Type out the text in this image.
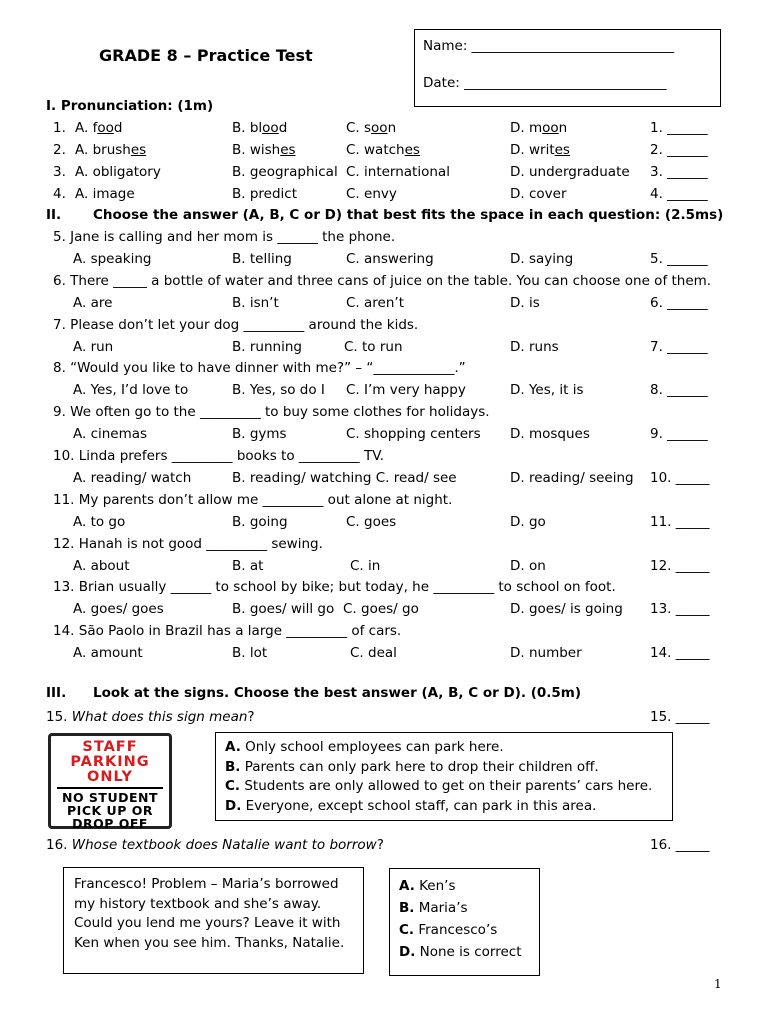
GRADE 8 – Practice Test	Name: ______________________________
Date: ______________________________
I. Pronunciation: (1m)
1. A. food	B. blood	C. soon	D. moon	1. ______
2. A. brushes	B. wishes	C. watches	D. writes	2. ______
3. A. obligatory	B. geographical C. international	D. undergraduate 3. ______
4. A. image	B. predict	C. envy	D. cover	4. ______
II. Choose the answer (A, B, C or D) that best fits the space in each question: (2.5ms)
5. Jane is calling and her mom is ______ the phone.
A. speaking	B. telling	C. answering	D. saying	5. ______
6. There _____ a bottle of water and three cans of juice on the table. You can choose one of them.
A. are	B. isn’t	C. aren’t	D. is	6. ______
7. Please don’t let your dog _________ around the kids.
A. run	B. running	C. to run	D. runs	7. ______
8. “Would you like to have dinner with me?” – “____________.”
A. Yes, I’d love to	B. Yes, so do I C. I’m very happy	D. Yes, it is	8. ______
9. We often go to the _________ to buy some clothes for holidays.
A. cinemas	B. gyms	C. shopping centers D. mosques	9. ______
10. Linda prefers _________ books to _________ TV.
A. reading/ watch	B. reading/ watching C. read/ see	D. reading/ seeing 10. _____
11. My parents don’t allow me _________ out alone at night.
A. to go	B. going	C. goes	D. go	11. _____
12. Hanah is not good _________ sewing.
A. about	B. at	C. in	D. on	12. _____
13. Brian usually ______ to school by bike; but today, he _________ to school on foot.
A. goes/ goes	B. goes/ will go C. goes/ go	D. goes/ is going 13. _____
14. São Paolo in Brazil has a large _________ of cars.
A. amount	B. lot	C. deal	D. number	14. _____
III. Look at the signs. Choose the best answer (A, B, C or D). (0.5m)
15. What does this sign mean?	15. _____
STAFF
PARKING
ONLY
NO STUDENT
PICK UP OR
DROP OFF
A. Only school employees can park here.
B. Parents can only park here to drop their children off.
C. Students are only allowed to get on their parents’ cars here.
D. Everyone, except school staff, can park in this area.
16. Whose textbook does Natalie want to borrow?	16. _____
Francesco! Problem – Maria’s borrowed
my history textbook and she’s away.
Could you lend me yours? Leave it with
Ken when you see him. Thanks, Natalie.
A. Ken’s
B. Maria’s
C. Francesco’s
D. None is correct
1
